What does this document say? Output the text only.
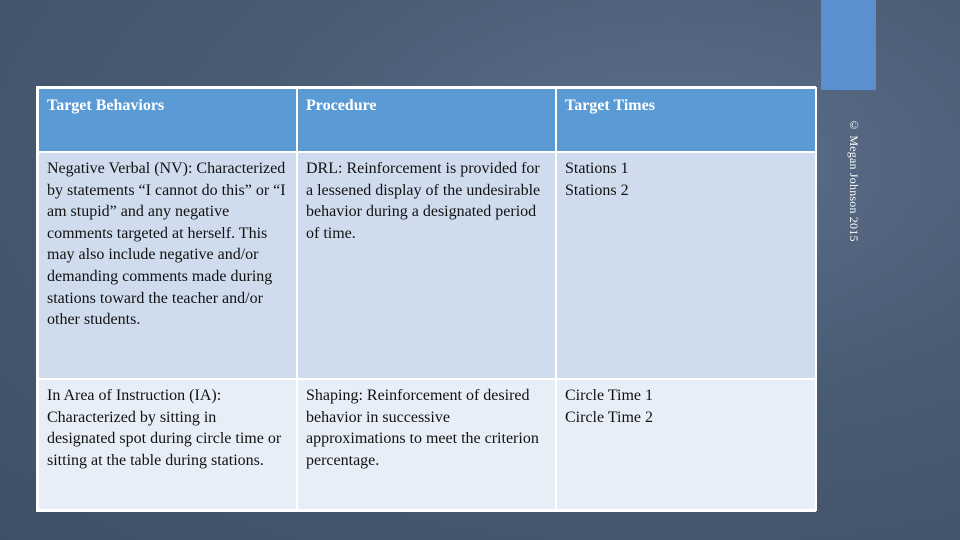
© Megan Johnson 2015
Target Behaviors	Procedure	Target Times
Negative Verbal (NV): Characterized by statements “I cannot do this” or “I am stupid” and any negative comments targeted at herself. This may also include negative and/or demanding comments made during stations toward the teacher and/or other students.	DRL: Reinforcement is provided for a lessened display of the undesirable behavior during a designated period of time.	Stations 1
Stations 2

In Area of Instruction (IA): Characterized by sitting in designated spot during circle time or sitting at the table during stations.	Shaping: Reinforcement of desired behavior in successive approximations to meet the criterion percentage.	Circle Time 1
Circle Time 2
